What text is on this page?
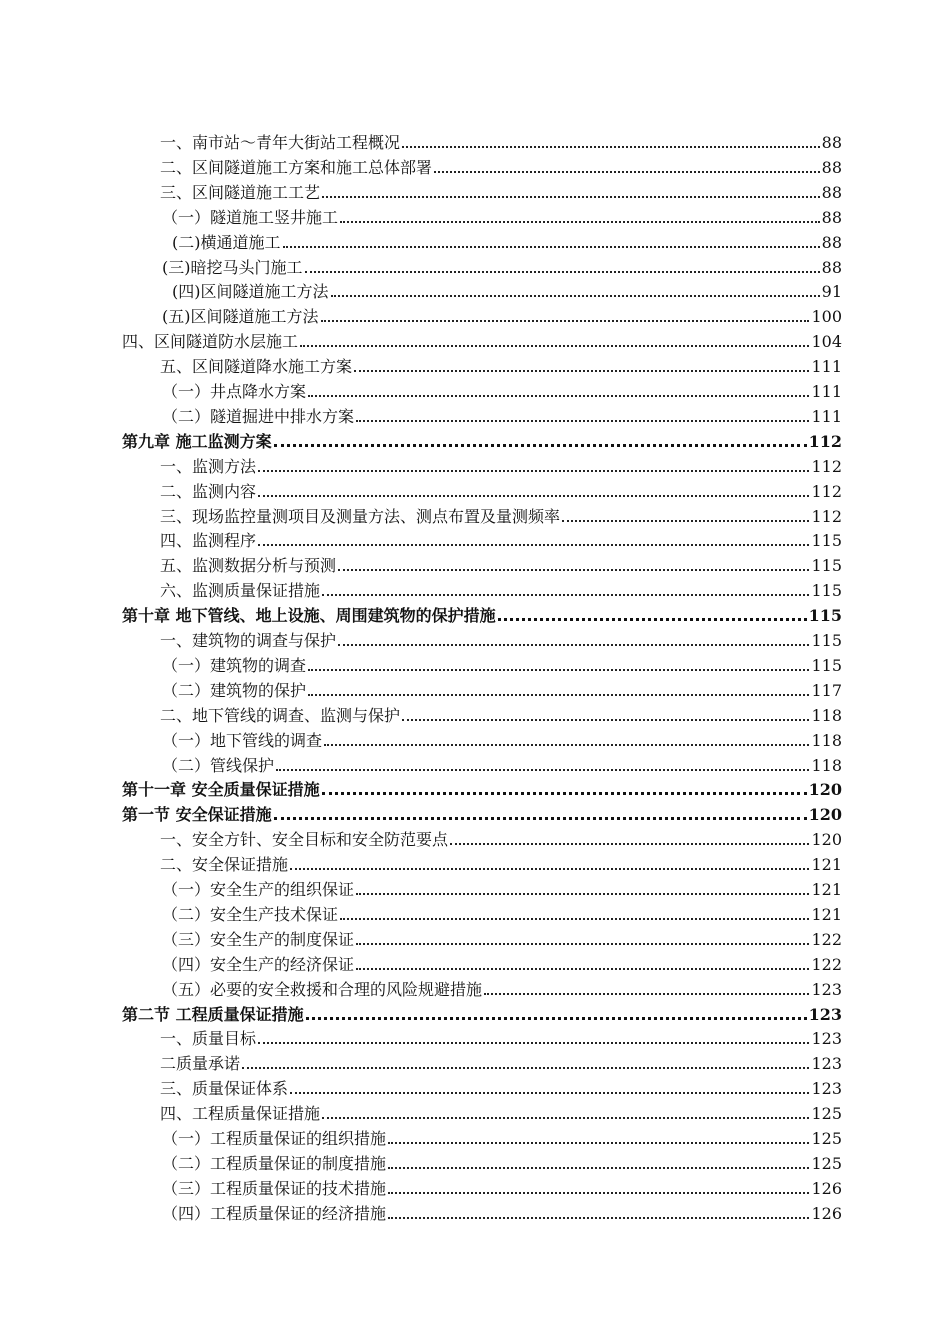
一、南市站～青年大街站工程概况	88
二、区间隧道施工方案和施工总体部署	88
三、区间隧道施工工艺	88
（一）隧道施工竖井施工	88
(二)横通道施工	88
(三)暗挖马头门施工	88
(四)区间隧道施工方法	91
(五)区间隧道施工方法	100
四、区间隧道防水层施工	104
五、区间隧道降水施工方案	111
（一）井点降水方案	111
（二）隧道掘进中排水方案	111
第九章 施工监测方案	112
一、监测方法	112
二、监测内容	112
三、现场监控量测项目及测量方法、测点布置及量测频率	112
四、监测程序	115
五、监测数据分析与预测	115
六、监测质量保证措施	115
第十章 地下管线、地上设施、周围建筑物的保护措施	115
一、建筑物的调查与保护	115
（一）建筑物的调查	115
（二）建筑物的保护	117
二、地下管线的调查、监测与保护	118
（一）地下管线的调查	118
（二）管线保护	118
第十一章 安全质量保证措施	120
第一节 安全保证措施	120
一、安全方针、安全目标和安全防范要点	120
二、安全保证措施	121
（一）安全生产的组织保证	121
（二）安全生产技术保证	121
（三）安全生产的制度保证	122
（四）安全生产的经济保证	122
（五）必要的安全救援和合理的风险规避措施	123
第二节 工程质量保证措施	123
一、质量目标	123
二质量承诺	123
三、质量保证体系	123
四、工程质量保证措施	125
（一）工程质量保证的组织措施	125
（二）工程质量保证的制度措施	125
（三）工程质量保证的技术措施	126
（四）工程质量保证的经济措施	126
